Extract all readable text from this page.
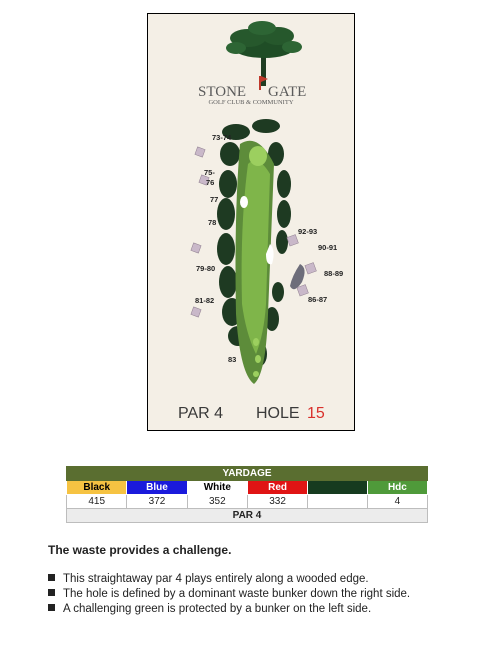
STONE GATE
GOLF CLUB & COMMUNITY
73-74
75-
76
77
78
79-80
81-82
83
92-93
90-91
88-89
86-87
PAR 4 HOLE 15
YARDAGE					
Black	Blue	White	Red		Hdc
415	372	352	332		4
PAR 4					

The waste provides a challenge.

This straightaway par 4 plays entirely along a wooded edge.
The hole is defined by a dominant waste bunker down the right side.
A challenging green is protected by a bunker on the left side.
